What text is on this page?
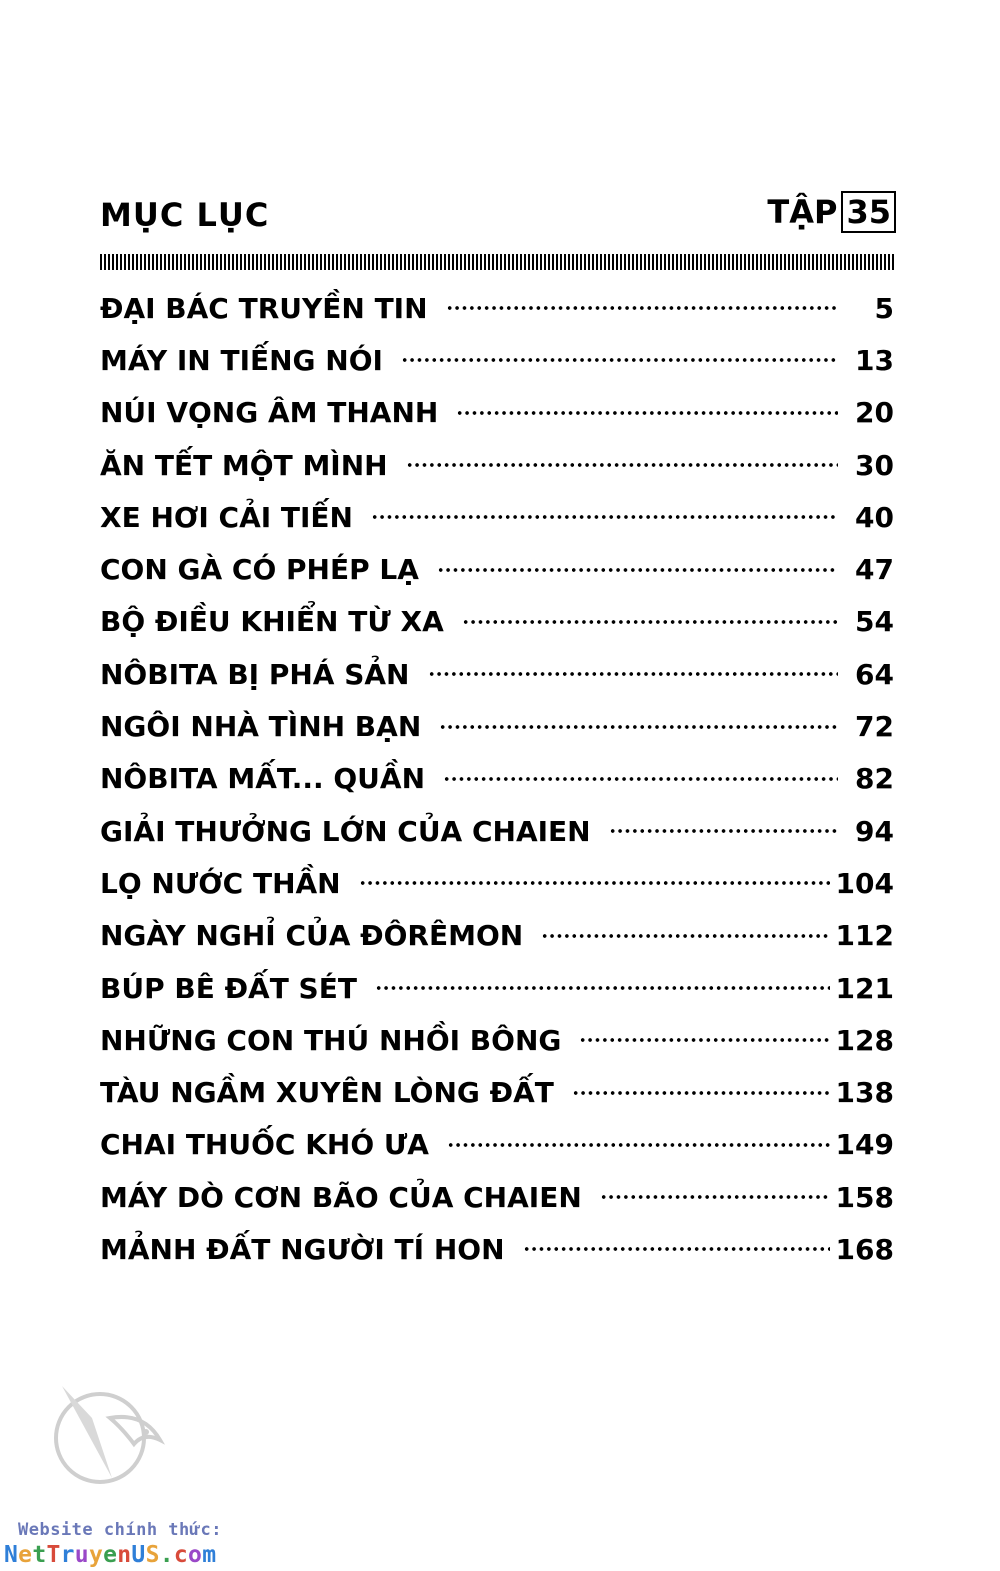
MỤC LỤC	TẬP 35
ĐẠI BÁC TRUYỀN TIN	5
MÁY IN TIẾNG NÓI	13
NÚI VỌNG ÂM THANH	20
ĂN TẾT MỘT MÌNH	30
XE HƠI CẢI TIẾN	40
CON GÀ CÓ PHÉP LẠ	47
BỘ ĐIỀU KHIỂN TỪ XA	54
NÔBITA BỊ PHÁ SẢN	64
NGÔI NHÀ TÌNH BẠN	72
NÔBITA MẤT... QUẦN	82
GIẢI THƯỞNG LỚN CỦA CHAIEN	94
LỌ NƯỚC THẦN	104
NGÀY NGHỈ CỦA ĐÔRÊMON	112
BÚP BÊ ĐẤT SÉT	121
NHỮNG CON THÚ NHỒI BÔNG	128
TÀU NGẦM XUYÊN LÒNG ĐẤT	138
CHAI THUỐC KHÓ ƯA	149
MÁY DÒ CƠN BÃO CỦA CHAIEN	158
MẢNH ĐẤT NGƯỜI TÍ HON	168
Website chính thức:
NetTruyenUS.com
